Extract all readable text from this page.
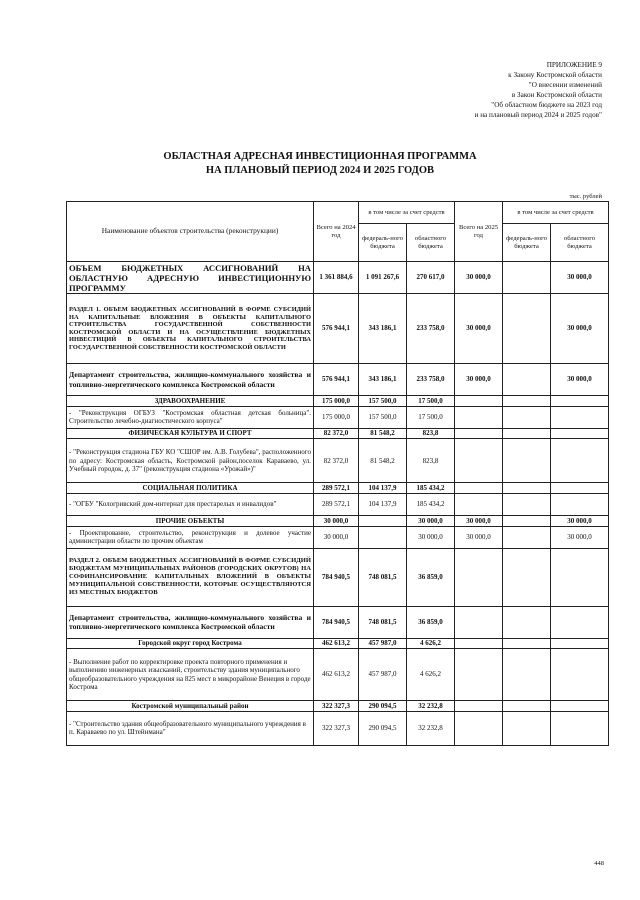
ПРИЛОЖЕНИЕ 9
к Закону Костромской области
"О внесении изменений
в Закон Костромской области
"Об областном бюджете на 2023 год
и на плановый период 2024 и 2025 годов"
ОБЛАСТНАЯ АДРЕСНАЯ ИНВЕСТИЦИОННАЯ ПРОГРАММА
НА ПЛАНОВЫЙ ПЕРИОД 2024 И 2025 ГОДОВ
тыс. рублей
Наименование объектов строительства (реконструкции)	Всего на 2024 год	в том числе за счет средств		Всего на 2025 год	в том числе за счет средств	
		федераль-ного бюджета	областного бюджета		федераль-ного бюджета	областного бюджета
ОБЪЕМ БЮДЖЕТНЫХ АССИГНОВАНИЙ НА ОБЛАСТНУЮ АДРЕСНУЮ ИНВЕСТИЦИОННУЮ ПРОГРАММУ	1 361 884,6	1 091 267,6	270 617,0	30 000,0		30 000,0
РАЗДЕЛ 1. ОБЪЕМ БЮДЖЕТНЫХ АССИГНОВАНИЙ В ФОРМЕ СУБСИДИЙ НА КАПИТАЛЬНЫЕ ВЛОЖЕНИЯ В ОБЪЕКТЫ КАПИТАЛЬНОГО СТРОИТЕЛЬСТВА ГОСУДАРСТВЕННОЙ СОБСТВЕННОСТИ КОСТРОМСКОЙ ОБЛАСТИ И НА ОСУЩЕСТВЛЕНИЕ БЮДЖЕТНЫХ ИНВЕСТИЦИЙ В ОБЪЕКТЫ КАПИТАЛЬНОГО СТРОИТЕЛЬСТВА ГОСУДАРСТВЕННОЙ СОБСТВЕННОСТИ КОСТРОМСКОЙ ОБЛАСТИ	576 944,1	343 186,1	233 758,0	30 000,0		30 000,0
Департамент строительства, жилищно-коммунального хозяйства и топливно-энергетического комплекса Костромской области	576 944,1	343 186,1	233 758,0	30 000,0		30 000,0
ЗДРАВООХРАНЕНИЕ	175 000,0	157 500,0	17 500,0			
- "Реконструкция ОГБУЗ "Костромская областная детская больница". Строительство лечебно-диагностического корпуса"	175 000,0	157 500,0	17 500,0			
ФИЗИЧЕСКАЯ КУЛЬТУРА И СПОРТ	82 372,0	81 548,2	823,8			
- "Реконструкция стадиона ГБУ КО "СШОР им. А.В. Голубева", расположенного по адресу: Костромская область, Костромской район,поселок Караваево, ул. Учебный городок, д. 37" (реконструкция стадиона «Урожай»)"	82 372,0	81 548,2	823,8			
СОЦИАЛЬНАЯ ПОЛИТИКА	289 572,1	104 137,9	185 434,2			
- "ОГБУ "Кологривский дом-интернат для престарелых и инвалидов"	289 572,1	104 137,9	185 434,2			
ПРОЧИЕ ОБЪЕКТЫ	30 000,0		30 000,0	30 000,0		30 000,0
- Проектирование, строительство, реконструкция и долевое участие администрации области по прочим объектам	30 000,0		30 000,0	30 000,0		30 000,0
РАЗДЕЛ 2. ОБЪЕМ БЮДЖЕТНЫХ АССИГНОВАНИЙ В ФОРМЕ СУБСИДИЙ БЮДЖЕТАМ МУНИЦИПАЛЬНЫХ РАЙОНОВ (ГОРОДСКИХ ОКРУГОВ) НА СОФИНАНСИРОВАНИЕ КАПИТАЛЬНЫХ ВЛОЖЕНИЙ В ОБЪЕКТЫ МУНИЦИПАЛЬНОЙ СОБСТВЕННОСТИ, КОТОРЫЕ ОСУЩЕСТВЛЯЮТСЯ ИЗ МЕСТНЫХ БЮДЖЕТОВ	784 940,5	748 081,5	36 859,0			
Департамент строительства, жилищно-коммунального хозяйства и топливно-энергетического комплекса Костромской области	784 940,5	748 081,5	36 859,0			
Городской округ город Кострома	462 613,2	457 987,0	4 626,2			
- Выполнение работ по корректировке проекта повторного применения и выполнению инженерных изысканий, строительству здания муниципального общеобразовательного учреждения на 825 мест в микрорайоне Венеция в городе Кострома	462 613,2	457 987,0	4 626,2			
Костромской муниципальный район	322 327,3	290 094,5	32 232,8			
- "Строительство здания общеобразовательного муниципального учреждения в п. Караваево по ул. Штейнмана"	322 327,3	290 094,5	32 232,8			
448
